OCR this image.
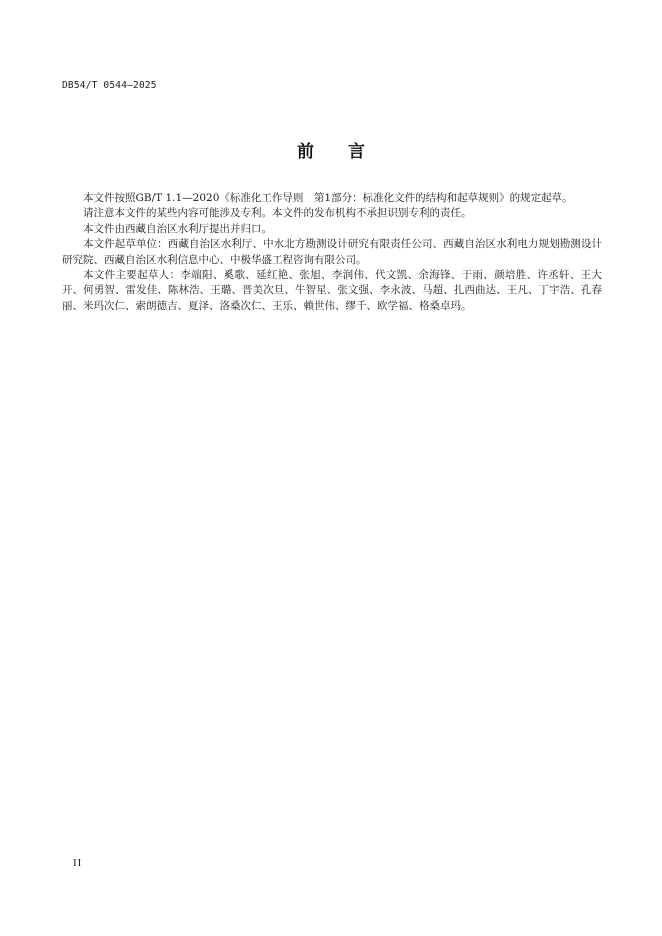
DB54/T 0544—2025
前言

本文件按照GB/T 1.1—2020《标准化工作导则　第1部分：标准化文件的结构和起草规则》的规定起草。

请注意本文件的某些内容可能涉及专利。本文件的发布机构不承担识别专利的责任。

本文件由西藏自治区水利厅提出并归口。

本文件起草单位：西藏自治区水利厅、中水北方勘测设计研究有限责任公司、西藏自治区水利电力规划勘测设计研究院、西藏自治区水利信息中心、中极华盛工程咨询有限公司。

本文件主要起草人：李端阳、奚歌、延红艳、张旭、李润伟、代文凯、余海锋、于雨、颜培胜、许丞轩、王大开、何勇智、雷发佳、陈林浩、王璐、晋美次旦、牛智星、张文强、李永波、马超、扎西曲达、王凡、丁宇浩、孔春丽、米玛次仁、索朗德吉、夏泽、洛桑次仁、王乐、赖世伟、缪千、欧学福、格桑卓玛。

II
